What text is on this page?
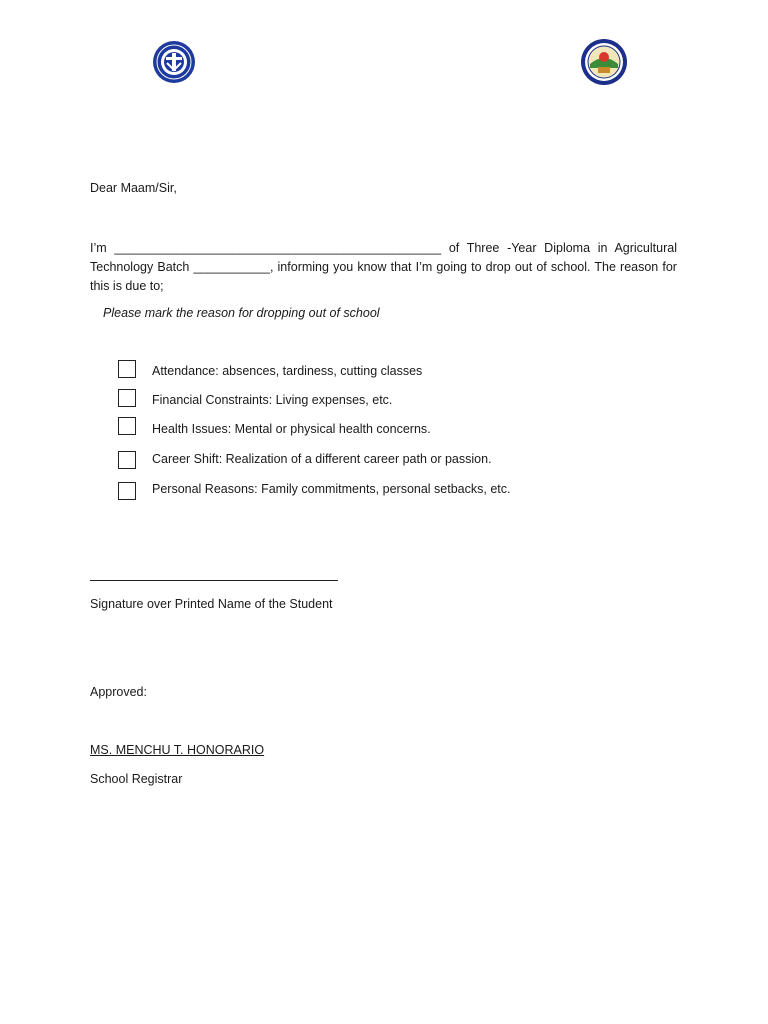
Dear Maam/Sir,
I’m _______________________________________________ of Three -Year Diploma in Agricultural Technology Batch ___________, informing you know that I’m going to drop out of school. The reason for this is due to;
Please mark the reason for dropping out of school
Attendance: absences, tardiness, cutting classes
Financial Constraints: Living expenses, etc.
Health Issues: Mental or physical health concerns.
Career Shift: Realization of a different career path or passion.
Personal Reasons: Family commitments, personal setbacks, etc.
Signature over Printed Name of the Student
Approved:
MS. MENCHU T. HONORARIO
School Registrar
